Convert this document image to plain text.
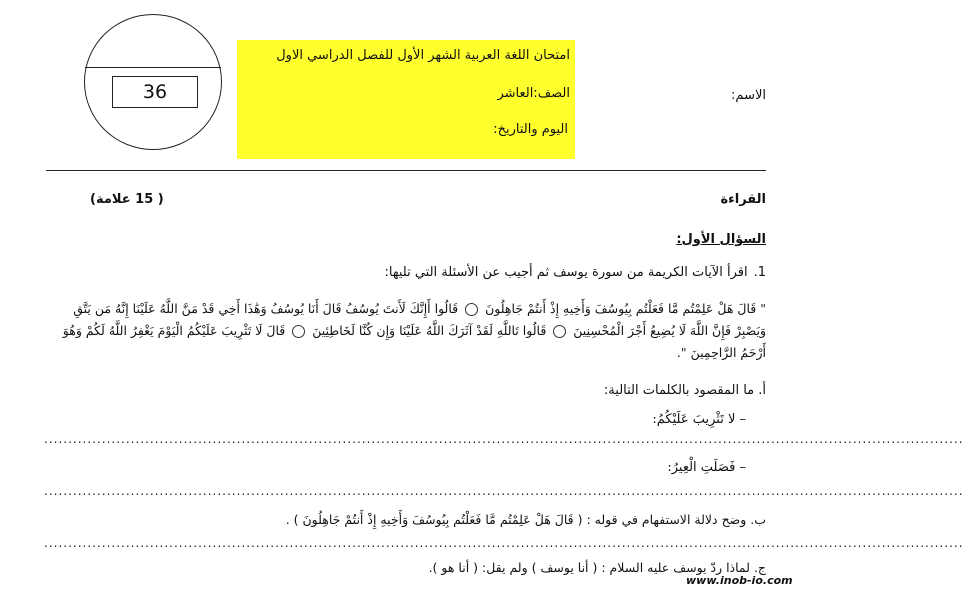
36
امتحان اللغة العربية الشهر الأول للفصل الدراسي الاول
الصف:العاشر
اليوم والتاريخ:
الاسم:
القراءة
( 15 علامة)
السؤال الأول:
1.اقرأ الآيات الكريمة من سورة يوسف ثم أجيب عن الأسئلة التي تليها:
" قَالَ هَلْ عَلِمْتُم مَّا فَعَلْتُم بِيُوسُفَ وَأَخِيهِ إِذْ أَنتُمْ جَاهِلُونَ  قَالُوا أَإِنَّكَ لَأَنتَ يُوسُفُ قَالَ أَنَا يُوسُفُ وَهَٰذَا أَخِي قَدْ مَنَّ اللَّهُ عَلَيْنَا إِنَّهُ مَن يَتَّقِ وَيَصْبِرْ فَإِنَّ اللَّهَ لَا يُضِيعُ أَجْرَ الْمُحْسِنِينَ  قَالُوا تَاللَّهِ لَقَدْ آثَرَكَ اللَّهُ عَلَيْنَا وَإِن كُنَّا لَخَاطِئِينَ  قَالَ لَا تَثْرِيبَ عَلَيْكُمُ الْيَوْمَ يَغْفِرُ اللَّهُ لَكُمْ وَهُوَ أَرْحَمُ الرَّاحِمِينَ ".
أ. ما المقصود بالكلمات التالية:
– لا تَثْرِيبَ عَلَيْكُمُ:
...............................................................................................................................................................................................
– فَصَلَتِ الْعِيرُ:
...............................................................................................................................................................................................
ب. وضح دلالة الاستفهام في قوله : ( قَالَ هَلْ عَلِمْتُم مَّا فَعَلْتُم بِيُوسُفَ وَأَخِيهِ إِذْ أَنتُمْ جَاهِلُونَ ) .
...............................................................................................................................................................................................
ج. لماذا ردّ يوسف عليه السلام : ( أنا يوسف ) ولم يقل: ( أنا هو ).
www.inob-io.com
